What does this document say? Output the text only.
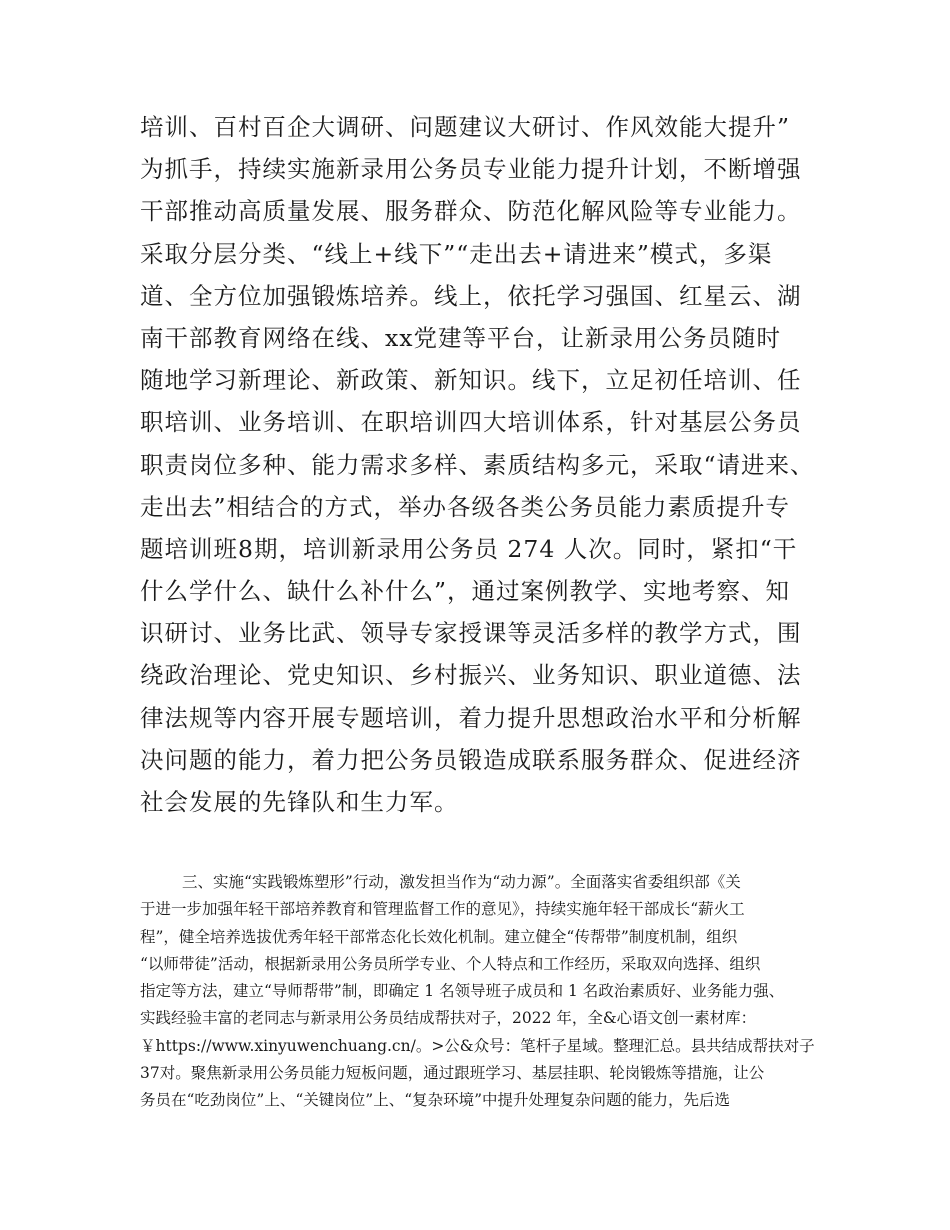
培训、百村百企大调研、问题建议大研讨、作风效能大提升”
为抓手，持续实施新录用公务员专业能力提升计划，不断增强
干部推动高质量发展、服务群众、防范化解风险等专业能力。
采取分层分类、“线上+线下”“走出去+请进来”模式，多渠
道、全方位加强锻炼培养。线上，依托学习强国、红星云、湖
南干部教育网络在线、xx党建等平台，让新录用公务员随时
随地学习新理论、新政策、新知识。线下，立足初任培训、任
职培训、业务培训、在职培训四大培训体系，针对基层公务员
职责岗位多种、能力需求多样、素质结构多元，采取“请进来、
走出去”相结合的方式，举办各级各类公务员能力素质提升专
题培训班8期，培训新录用公务员 274 人次。同时，紧扣“干
什么学什么、缺什么补什么”，通过案例教学、实地考察、知
识研讨、业务比武、领导专家授课等灵活多样的教学方式，围
绕政治理论、党史知识、乡村振兴、业务知识、职业道德、法
律法规等内容开展专题培训，着力提升思想政治水平和分析解
决问题的能力，着力把公务员锻造成联系服务群众、促进经济
社会发展的先锋队和生力军。
三、实施“实践锻炼塑形”行动，激发担当作为“动力源”。全面落实省委组织部《关
于进一步加强年轻干部培养教育和管理监督工作的意见》，持续实施年轻干部成长“薪火工
程”，健全培养选拔优秀年轻干部常态化长效化机制。建立健全“传帮带”制度机制，组织
“以师带徒”活动，根据新录用公务员所学专业、个人特点和工作经历，采取双向选择、组织
指定等方法，建立“导师帮带”制，即确定 1 名领导班子成员和 1 名政治素质好、业务能力强、
实践经验丰富的老同志与新录用公务员结成帮扶对子，2022 年，全&心语文创一素材库：
￥https://www.xinyuwenchuang.cn/。>公&众号：笔杆子星域。整理汇总。县共结成帮扶对子
37对。聚焦新录用公务员能力短板问题，通过跟班学习、基层挂职、轮岗锻炼等措施，让公
务员在“吃劲岗位”上、“关键岗位”上、“复杂环境”中提升处理复杂问题的能力，先后选
